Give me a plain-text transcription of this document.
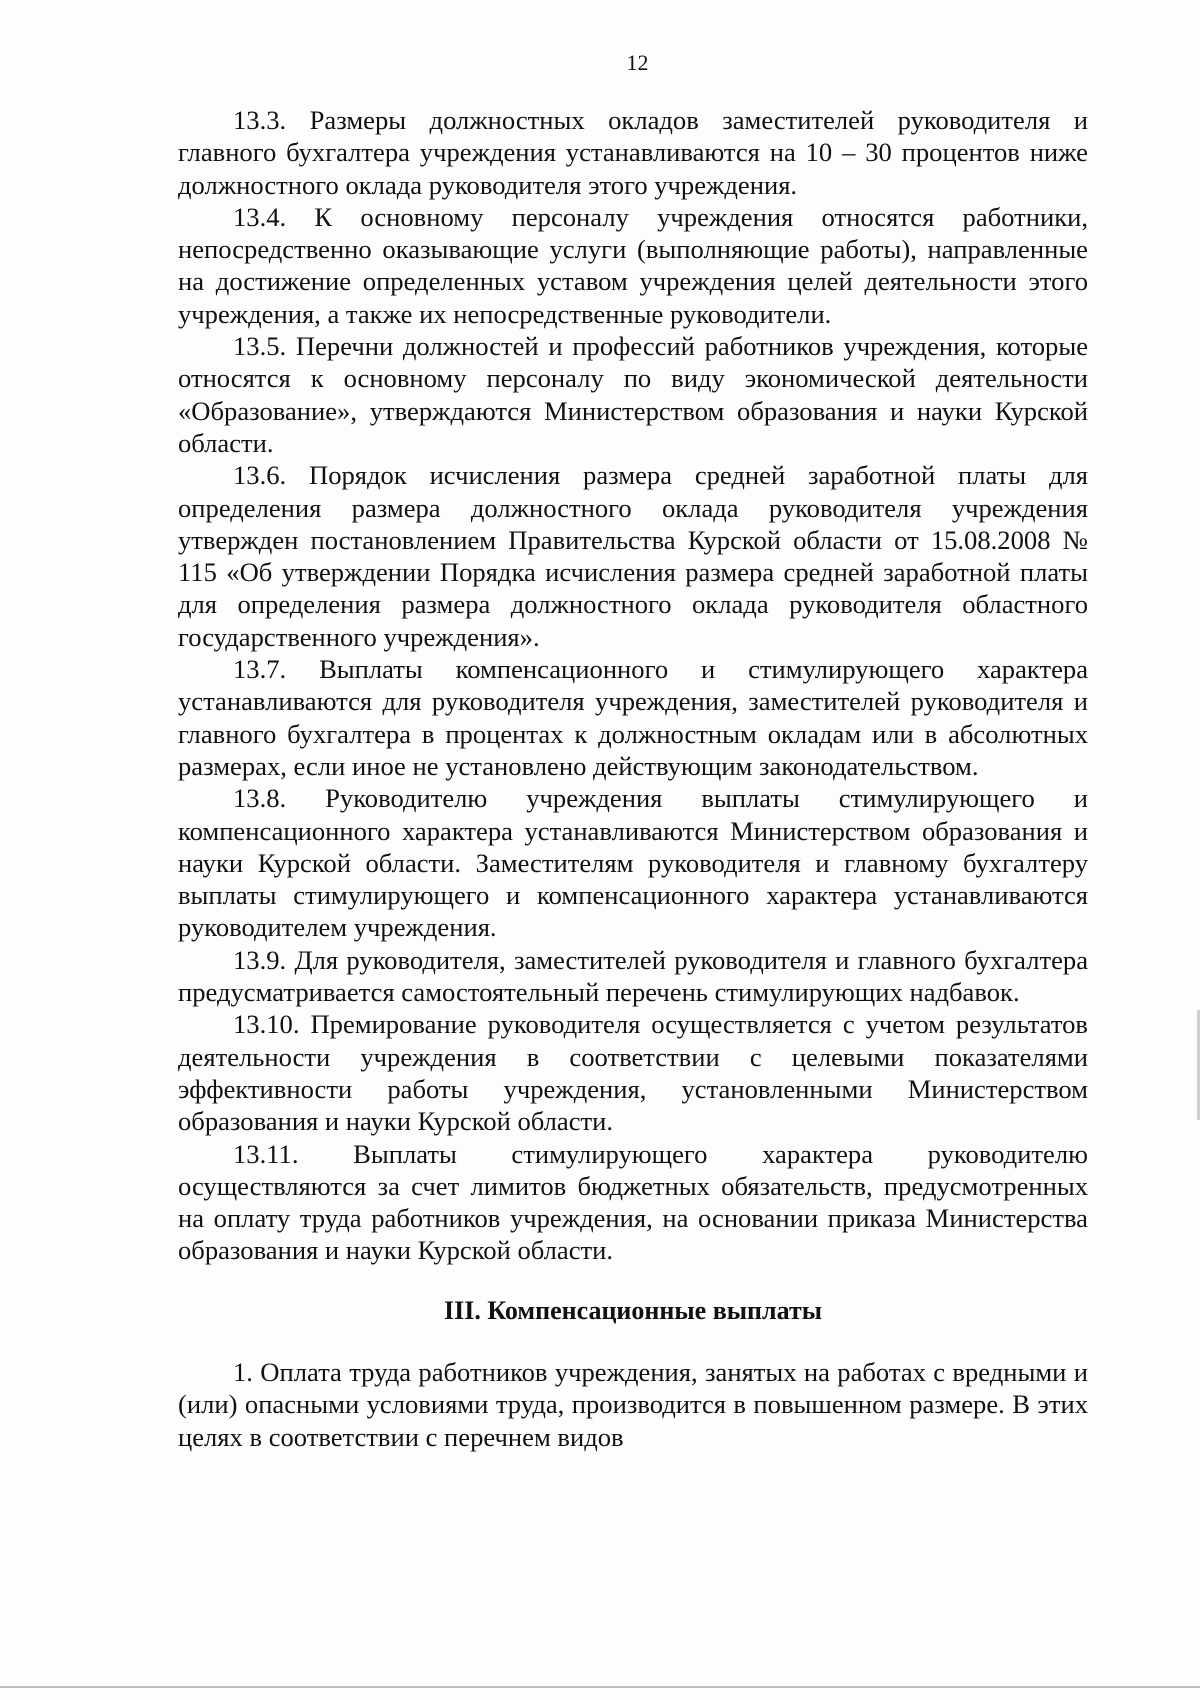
12

13.3. Размеры должностных окладов заместителей руководителя и главного бухгалтера учреждения устанавливаются на 10 – 30 процентов ниже должностного оклада руководителя этого учреждения.

13.4. К основному персоналу учреждения относятся работники, непосредственно оказывающие услуги (выполняющие работы), направленные на достижение определенных уставом учреждения целей деятельности этого учреждения, а также их непосредственные руководители.

13.5. Перечни должностей и профессий работников учреждения, которые относятся к основному персоналу по виду экономической деятельности «Образование», утверждаются Министерством образования и науки Курской области.

13.6. Порядок исчисления размера средней заработной платы для определения размера должностного оклада руководителя учреждения утвержден постановлением Правительства Курской области от 15.08.2008 № 115 «Об утверждении Порядка исчисления размера средней заработной платы для определения размера должностного оклада руководителя областного государственного учреждения».

13.7. Выплаты компенсационного и стимулирующего характера устанавливаются для руководителя учреждения, заместителей руководителя и главного бухгалтера в процентах к должностным окладам или в абсолютных размерах, если иное не установлено действующим законодательством.

13.8. Руководителю учреждения выплаты стимулирующего и компенсационного характера устанавливаются Министерством образования и науки Курской области. Заместителям руководителя и главному бухгалтеру выплаты стимулирующего и компенсационного характера устанавливаются руководителем учреждения.

13.9. Для руководителя, заместителей руководителя и главного бухгалтера предусматривается самостоятельный перечень стимулирующих надбавок.

13.10. Премирование руководителя осуществляется с учетом результатов деятельности учреждения в соответствии с целевыми показателями эффективности работы учреждения, установленными Министерством образования и науки Курской области.

13.11. Выплаты стимулирующего характера руководителю осуществляются за счет лимитов бюджетных обязательств, предусмотренных на оплату труда работников учреждения, на основании приказа Министерства образования и науки Курской области.

III. Компенсационные выплаты

1. Оплата труда работников учреждения, занятых на работах с вредными и (или) опасными условиями труда, производится в повышенном размере. В этих целях в соответствии с перечнем видов
